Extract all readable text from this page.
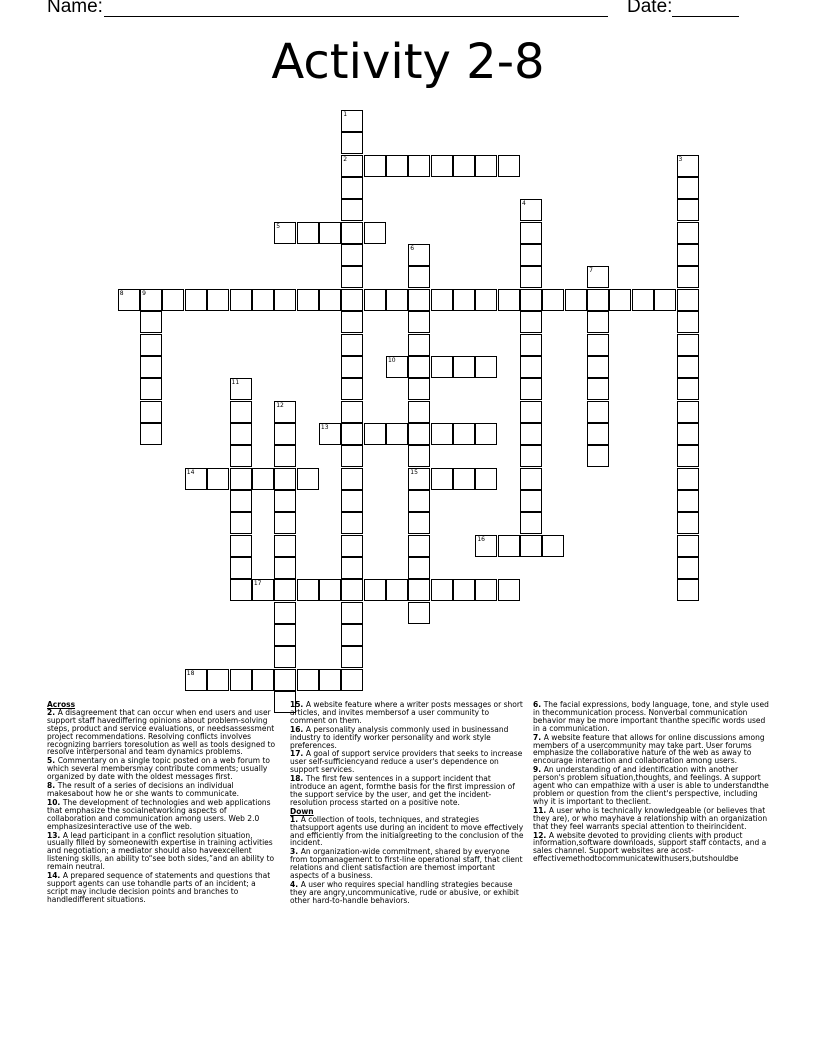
Name:	Date:
Activity 2-8
1
2	3
4
5
6
15
7
8	9
10
11
12
13
14
16
17
18
Across
2. A disagreement that can occur when end users and user support staff havediffering opinions about problem-solving steps, product and service evaluations, or needsassessment project recommendations. Resolving conflicts involves recognizing barriers toresolution as well as tools designed to resolve interpersonal and team dynamics problems.
5. Commentary on a single topic posted on a web forum to which several membersmay contribute comments; usually organized by date with the oldest messages first.
8. The result of a series of decisions an individual makesabout how he or she wants to communicate.
10. The development of technologies and web applications that emphasize the socialnetworking aspects of collaboration and communication among users. Web 2.0 emphasizesinteractive use of the web.
13. A lead participant in a conflict resolution situation, usually filled by someonewith expertise in training activities and negotiation; a mediator should also haveexcellent listening skills, an ability to“see both sides,”and an ability to remain neutral.
14. A prepared sequence of statements and questions that support agents can use tohandle parts of an incident; a script may include decision points and branches to handledifferent situations.
15. A website feature where a writer posts messages or short articles, and invites membersof a user community to comment on them.
16. A personality analysis commonly used in businessand industry to identify worker personality and work style preferences.
17. A goal of support service providers that seeks to increase user self-sufficiencyand reduce a user's dependence on support services.
18. The first few sentences in a support incident that introduce an agent, formthe basis for the first impression of the support service by the user, and get the incident-resolution process started on a positive note.
Down
1. A collection of tools, techniques, and strategies thatsupport agents use during an incident to move effectively and efficiently from the initialgreeting to the conclusion of the incident.
3. An organization-wide commitment, shared by everyone from topmanagement to first-line operational staff, that client relations and client satisfaction are themost important aspects of a business.
4. A user who requires special handling strategies because they are angry,uncommunicative, rude or abusive, or exhibit other hard-to-handle behaviors.
6. The facial expressions, body language, tone, and style used in thecommunication process. Nonverbal communication behavior may be more important thanthe specific words used in a communication.
7. A website feature that allows for online discussions among members of a usercommunity may take part. User forums emphasize the collaborative nature of the web as away to encourage interaction and collaboration among users.
9. An understanding of and identification with another person's problem situation,thoughts, and feelings. A support agent who can empathize with a user is able to understandthe problem or question from the client's perspective, including why it is important to theclient.
11. A user who is technically knowledgeable (or believes that they are), or who mayhave a relationship with an organization that they feel warrants special attention to theirincident.
12. A website devoted to providing clients with product information,software downloads, support staff contacts, and a sales channel. Support websites are acost-effectivemethodtocommunicatewithusers,butshouldbe
